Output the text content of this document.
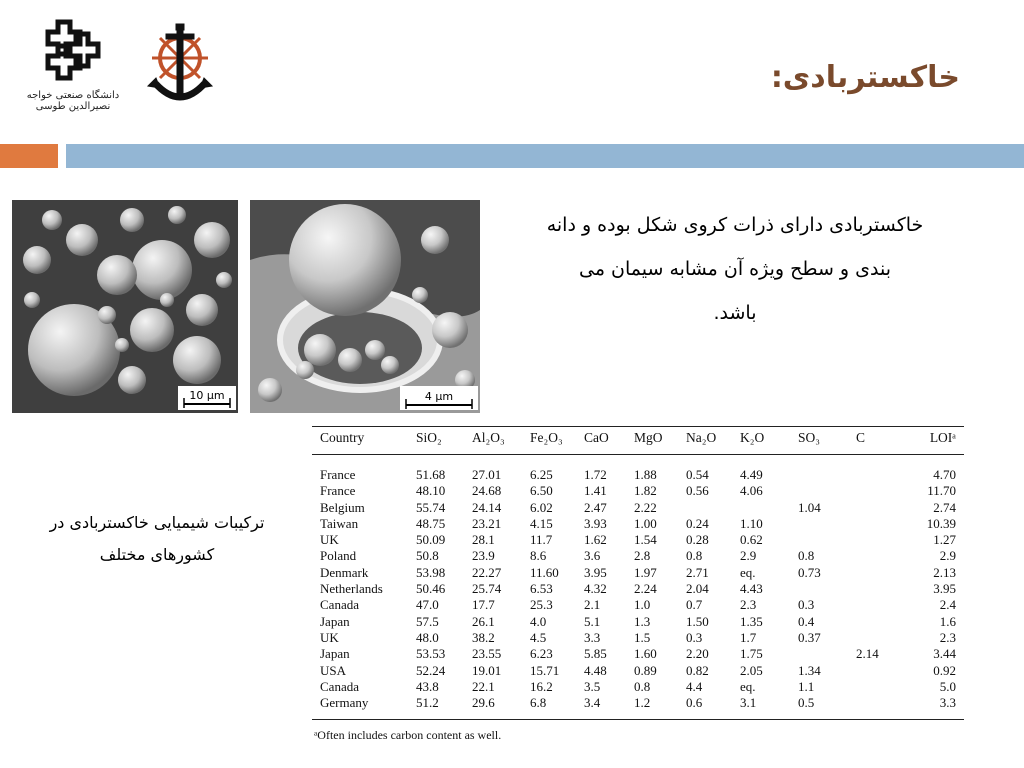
دانشگاه صنعتی خواجه نصیرالدین طوسی
خاکستربادی:
10 μm	4 μm
خاکستربادی دارای ذرات کروی شکل بوده و دانه
بندی و سطح ویژه آن مشابه سیمان می
باشد.
ترکیبات شیمیایی خاکستربادی در
کشورهای مختلف
Country	SiO₂	Al₂O₃	Fe₂O₃	CaO	MgO	Na₂O	K₂O	SO₃	C	LOIᵃ
France	51.68	27.01	6.25	1.72	1.88	0.54	4.49			4.70
France	48.10	24.68	6.50	1.41	1.82	0.56	4.06			11.70
Belgium	55.74	24.14	6.02	2.47	2.22			1.04		2.74
Taiwan	48.75	23.21	4.15	3.93	1.00	0.24	1.10			10.39
UK	50.09	28.1	11.7	1.62	1.54	0.28	0.62			1.27
Poland	50.8	23.9	8.6	3.6	2.8	0.8	2.9	0.8		2.9
Denmark	53.98	22.27	11.60	3.95	1.97	2.71	eq.	0.73		2.13
Netherlands	50.46	25.74	6.53	4.32	2.24	2.04	4.43			3.95
Canada	47.0	17.7	25.3	2.1	1.0	0.7	2.3	0.3		2.4
Japan	57.5	26.1	4.0	5.1	1.3	1.50	1.35	0.4		1.6
UK	48.0	38.2	4.5	3.3	1.5	0.3	1.7	0.37		2.3
Japan	53.53	23.55	6.23	5.85	1.60	2.20	1.75		2.14	3.44
USA	52.24	19.01	15.71	4.48	0.89	0.82	2.05	1.34		0.92
Canada	43.8	22.1	16.2	3.5	0.8	4.4	eq.	1.1		5.0
Germany	51.2	29.6	6.8	3.4	1.2	0.6	3.1	0.5		3.3
ᵃOften includes carbon content as well.
